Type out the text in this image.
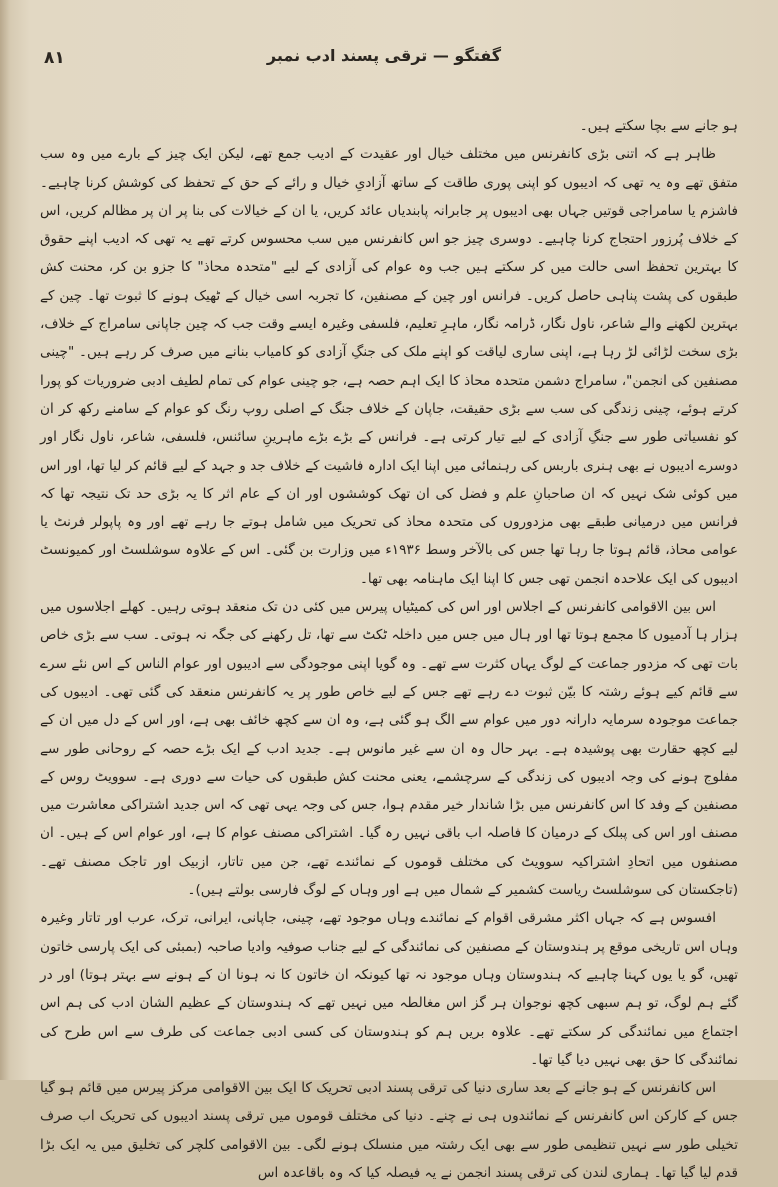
۸۱	گفتگو — ترقی پسند ادب نمبر

ہو جانے سے بچا سکتے ہیں۔

ظاہر ہے کہ اتنی بڑی کانفرنس میں مختلف خیال اور عقیدت کے ادیب جمع تھے، لیکن ایک چیز کے بارے میں وہ سب متفق تھے وہ یہ تھی کہ ادیبوں کو اپنی پوری طاقت کے ساتھ آزادیِ خیال و رائے کے حق کے تحفظ کی کوشش کرنا چاہیے۔ فاشزم یا سامراجی قوتیں جہاں بھی ادیبوں پر جابرانہ پابندیاں عائد کریں، یا ان کے خیالات کی بنا پر ان پر مظالم کریں، اس کے خلاف پُرزور احتجاج کرنا چاہیے۔ دوسری چیز جو اس کانفرنس میں سب محسوس کرتے تھے یہ تھی کہ ادیب اپنے حقوق کا بہترین تحفظ اسی حالت میں کر سکتے ہیں جب وہ عوام کی آزادی کے لیے "متحدہ محاذ" کا جزو بن کر، محنت کش طبقوں کی پشت پناہی حاصل کریں۔ فرانس اور چین کے مصنفین، کا تجربہ اسی خیال کے ٹھیک ہونے کا ثبوت تھا۔ چین کے بہترین لکھنے والے شاعر، ناول نگار، ڈرامہ نگار، ماہرِ تعلیم، فلسفی وغیرہ ایسے وقت جب کہ چین جاپانی سامراج کے خلاف، بڑی سخت لڑائی لڑ رہا ہے، اپنی ساری لیاقت کو اپنے ملک کی جنگِ آزادی کو کامیاب بنانے میں صرف کر رہے ہیں۔ "چینی مصنفین کی انجمن"، سامراج دشمن متحدہ محاذ کا ایک اہم حصہ ہے، جو چینی عوام کی تمام لطیف ادبی ضروریات کو پورا کرتے ہوئے، چینی زندگی کی سب سے بڑی حقیقت، جاپان کے خلاف جنگ کے اصلی روپ رنگ کو عوام کے سامنے رکھ کر ان کو نفسیاتی طور سے جنگِ آزادی کے لیے تیار کرتی ہے۔ فرانس کے بڑے بڑے ماہرینِ سائنس، فلسفی، شاعر، ناول نگار اور دوسرے ادیبوں نے بھی ہنری باربس کی رہنمائی میں اپنا ایک ادارہ فاشیت کے خلاف جد و جہد کے لیے قائم کر لیا تھا، اور اس میں کوئی شک نہیں کہ ان صاحبانِ علم و فضل کی ان تھک کوششوں اور ان کے عام اثر کا یہ بڑی حد تک نتیجہ تھا کہ فرانس میں درمیانی طبقے بھی مزدوروں کی متحدہ محاذ کی تحریک میں شامل ہوتے جا رہے تھے اور وہ پاپولر فرنٹ یا عوامی محاذ، قائم ہوتا جا رہا تھا جس کی بالآخر وسط ۱۹۳۶ء میں وزارت بن گئی۔ اس کے علاوہ سوشلسٹ اور کمیونسٹ ادیبوں کی ایک علاحدہ انجمن تھی جس کا اپنا ایک ماہنامہ بھی تھا۔

اس بین الاقوامی کانفرنس کے اجلاس اور اس کی کمیٹیاں پیرس میں کئی دن تک منعقد ہوتی رہیں۔ کھلے اجلاسوں میں ہزار ہا آدمیوں کا مجمع ہوتا تھا اور ہال میں جس میں داخلہ ٹکٹ سے تھا، تل رکھنے کی جگہ نہ ہوتی۔ سب سے بڑی خاص بات تھی کہ مزدور جماعت کے لوگ یہاں کثرت سے تھے۔ وہ گویا اپنی موجودگی سے ادیبوں اور عوام الناس کے اس نئے سرے سے قائم کیے ہوئے رشتہ کا بیّن ثبوت دے رہے تھے جس کے لیے خاص طور پر یہ کانفرنس منعقد کی گئی تھی۔ ادیبوں کی جماعت موجودہ سرمایہ دارانہ دور میں عوام سے الگ ہو گئی ہے، وہ ان سے کچھ خائف بھی ہے، اور اس کے دل میں ان کے لیے کچھ حقارت بھی پوشیدہ ہے۔ بہر حال وہ ان سے غیر مانوس ہے۔ جدید ادب کے ایک بڑے حصہ کے روحانی طور سے مفلوج ہونے کی وجہ ادیبوں کی زندگی کے سرچشمے، یعنی محنت کش طبقوں کی حیات سے دوری ہے۔ سوویٹ روس کے مصنفین کے وفد کا اس کانفرنس میں بڑا شاندار خیر مقدم ہوا، جس کی وجہ یہی تھی کہ اس جدید اشتراکی معاشرت میں مصنف اور اس کی پبلک کے درمیان کا فاصلہ اب باقی نہیں رہ گیا۔ اشتراکی مصنف عوام کا ہے، اور عوام اس کے ہیں۔ ان مصنفوں میں اتحادِ اشتراکیہ سوویٹ کی مختلف قوموں کے نمائندے تھے، جن میں تاتار، ازبیک اور تاجک مصنف تھے۔ (تاجکستان کی سوشلسٹ ریاست کشمیر کے شمال میں ہے اور وہاں کے لوگ فارسی بولتے ہیں)۔

افسوس ہے کہ جہاں اکثر مشرقی اقوام کے نمائندے وہاں موجود تھے، چینی، جاپانی، ایرانی، ترک، عرب اور تاتار وغیرہ وہاں اس تاریخی موقع پر ہندوستان کے مصنفین کی نمائندگی کے لیے جناب صوفیہ وادیا صاحبہ (بمبئی کی ایک پارسی خاتون تھیں، گو یا یوں کہنا چاہیے کہ ہندوستان وہاں موجود نہ تھا کیونکہ ان خاتون کا نہ ہونا ان کے ہونے سے بہتر ہوتا) اور در گئے ہم لوگ، تو ہم سبھی کچھ نوجوان ہر گز اس مغالطہ میں نہیں تھے کہ ہندوستان کے عظیم الشان ادب کی ہم اس اجتماع میں نمائندگی کر سکتے تھے۔ علاوہ بریں ہم کو ہندوستان کی کسی ادبی جماعت کی طرف سے اس طرح کی نمائندگی کا حق بھی نہیں دیا گیا تھا۔

اس کانفرنس کے ہو جانے کے بعد ساری دنیا کی ترقی پسند ادبی تحریک کا ایک بین الاقوامی مرکز پیرس میں قائم ہو گیا جس کے کارکن اس کانفرنس کے نمائندوں ہی نے چنے۔ دنیا کی مختلف قوموں میں ترقی پسند ادیبوں کی تحریک اب صرف تخیلی طور سے نہیں تنظیمی طور سے بھی ایک رشتہ میں منسلک ہونے لگی۔ بین الاقوامی کلچر کی تخلیق میں یہ ایک بڑا قدم لیا گیا تھا۔ ہماری لندن کی ترقی پسند انجمن نے یہ فیصلہ کیا کہ وہ باقاعدہ اس
